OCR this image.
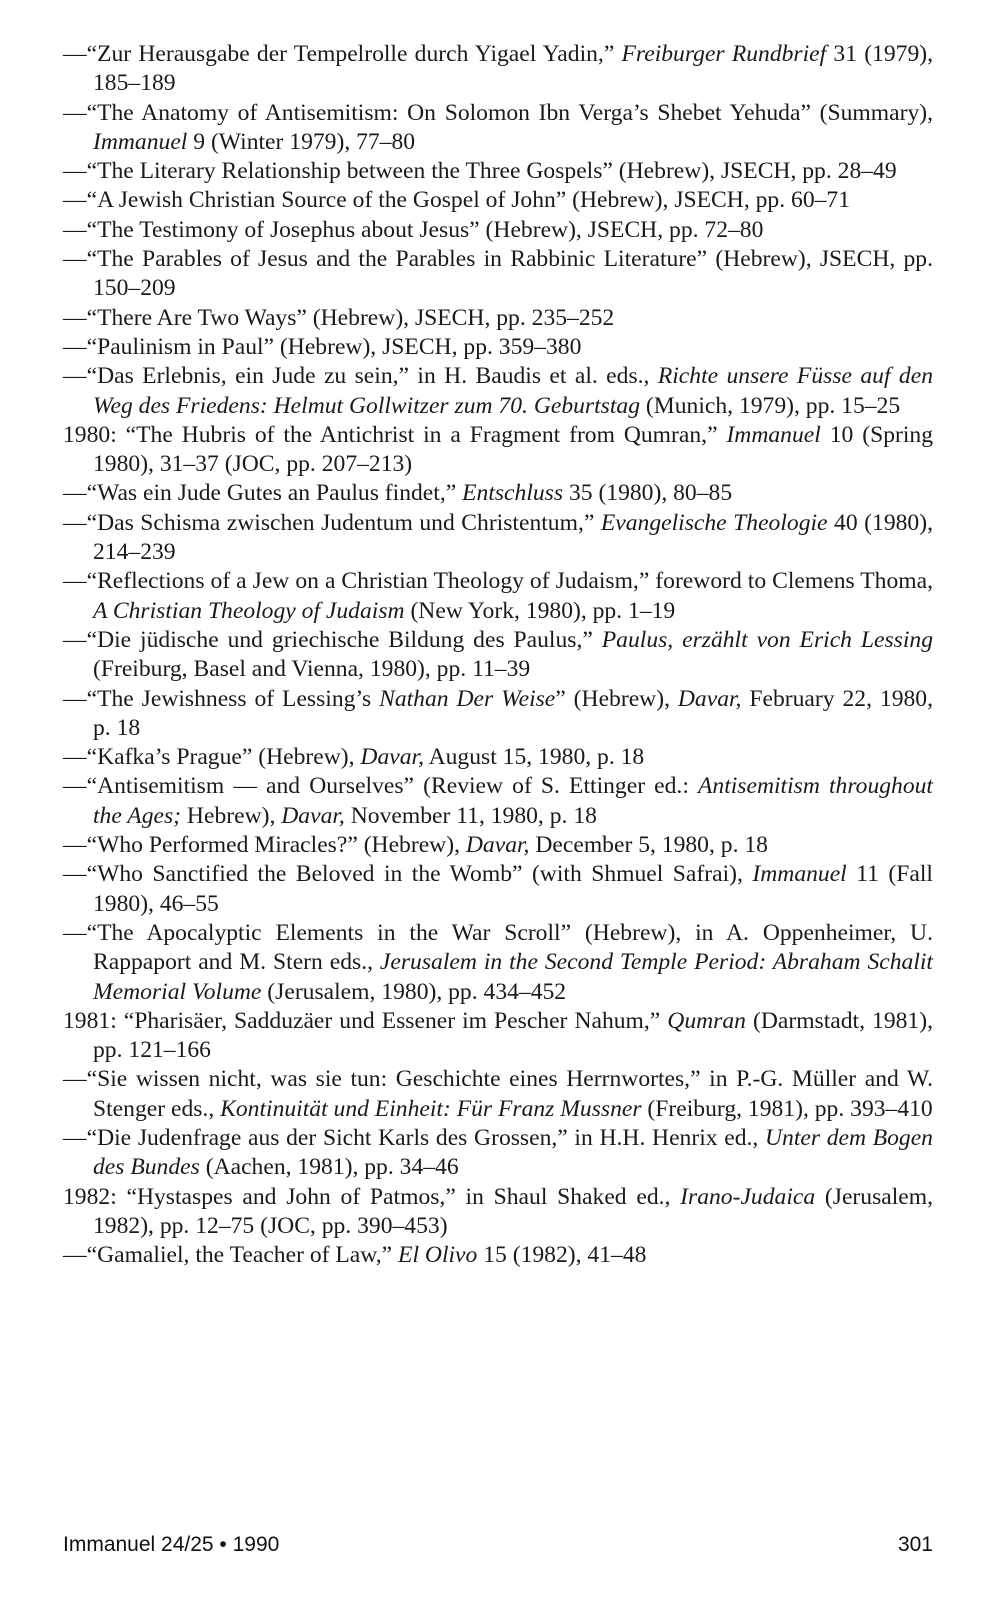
—“Zur Herausgabe der Tempelrolle durch Yigael Yadin,” Freiburger Rundbrief 31 (1979), 185–189

—“The Anatomy of Antisemitism: On Solomon Ibn Verga’s Shebet Yehuda” (Summary), Immanuel 9 (Winter 1979), 77–80

—“The Literary Relationship between the Three Gospels” (Hebrew), JSECH, pp. 28–49

—“A Jewish Christian Source of the Gospel of John” (Hebrew), JSECH, pp. 60–71

—“The Testimony of Josephus about Jesus” (Hebrew), JSECH, pp. 72–80

—“The Parables of Jesus and the Parables in Rabbinic Literature” (Hebrew), JSECH, pp. 150–209

—“There Are Two Ways” (Hebrew), JSECH, pp. 235–252

—“Paulinism in Paul” (Hebrew), JSECH, pp. 359–380

—“Das Erlebnis, ein Jude zu sein,” in H. Baudis et al. eds., Richte unsere Füsse auf den Weg des Friedens: Helmut Gollwitzer zum 70. Geburtstag (Munich, 1979), pp. 15–25

1980: “The Hubris of the Antichrist in a Fragment from Qumran,” Immanuel 10 (Spring 1980), 31–37 (JOC, pp. 207–213)

—“Was ein Jude Gutes an Paulus findet,” Entschluss 35 (1980), 80–85

—“Das Schisma zwischen Judentum und Christentum,” Evangelische Theologie 40 (1980), 214–239

—“Reflections of a Jew on a Christian Theology of Judaism,” foreword to Clemens Thoma, A Christian Theology of Judaism (New York, 1980), pp. 1–19

—“Die jüdische und griechische Bildung des Paulus,” Paulus, erzählt von Erich Lessing (Freiburg, Basel and Vienna, 1980), pp. 11–39

—“The Jewishness of Lessing’s Nathan Der Weise” (Hebrew), Davar, February 22, 1980, p. 18

—“Kafka’s Prague” (Hebrew), Davar, August 15, 1980, p. 18

—“Antisemitism — and Ourselves” (Review of S. Ettinger ed.: Antisemitism throughout the Ages; Hebrew), Davar, November 11, 1980, p. 18

—“Who Performed Miracles?” (Hebrew), Davar, December 5, 1980, p. 18

—“Who Sanctified the Beloved in the Womb” (with Shmuel Safrai), Immanuel 11 (Fall 1980), 46–55

—“The Apocalyptic Elements in the War Scroll” (Hebrew), in A. Oppenheimer, U. Rappaport and M. Stern eds., Jerusalem in the Second Temple Period: Abraham Schalit Memorial Volume (Jerusalem, 1980), pp. 434–452

1981: “Pharisäer, Sadduzäer und Essener im Pescher Nahum,” Qumran (Darmstadt, 1981), pp. 121–166

—“Sie wissen nicht, was sie tun: Geschichte eines Herrnwortes,” in P.-G. Müller and W. Stenger eds., Kontinuität und Einheit: Für Franz Mussner (Freiburg, 1981), pp. 393–410

—“Die Judenfrage aus der Sicht Karls des Grossen,” in H.H. Henrix ed., Unter dem Bogen des Bundes (Aachen, 1981), pp. 34–46

1982: “Hystaspes and John of Patmos,” in Shaul Shaked ed., Irano-Judaica (Jerusalem, 1982), pp. 12–75 (JOC, pp. 390–453)

—“Gamaliel, the Teacher of Law,” El Olivo 15 (1982), 41–48

Immanuel 24/25 • 1990	301
